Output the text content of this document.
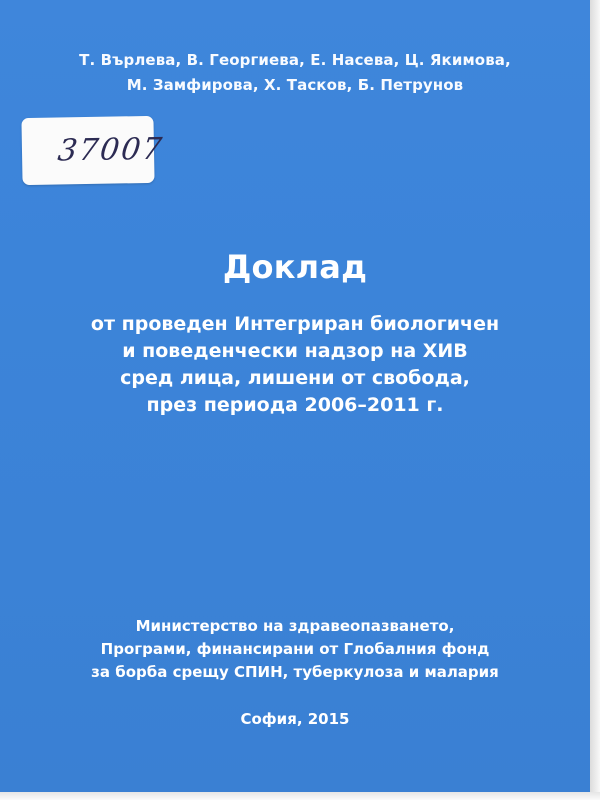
Т. Върлева, В. Георгиева, Е. Насева, Ц. Якимова,
М. Замфирова, Х. Тасков, Б. Петрунов
37007
Доклад
от проведен Интегриран биологичен
и поведенчески надзор на ХИВ
сред лица, лишени от свобода,
през периода 2006–2011 г.
Министерство на здравеопазването,
Програми, финансирани от Глобалния фонд
за борба срещу СПИН, туберкулоза и малария
София, 2015
